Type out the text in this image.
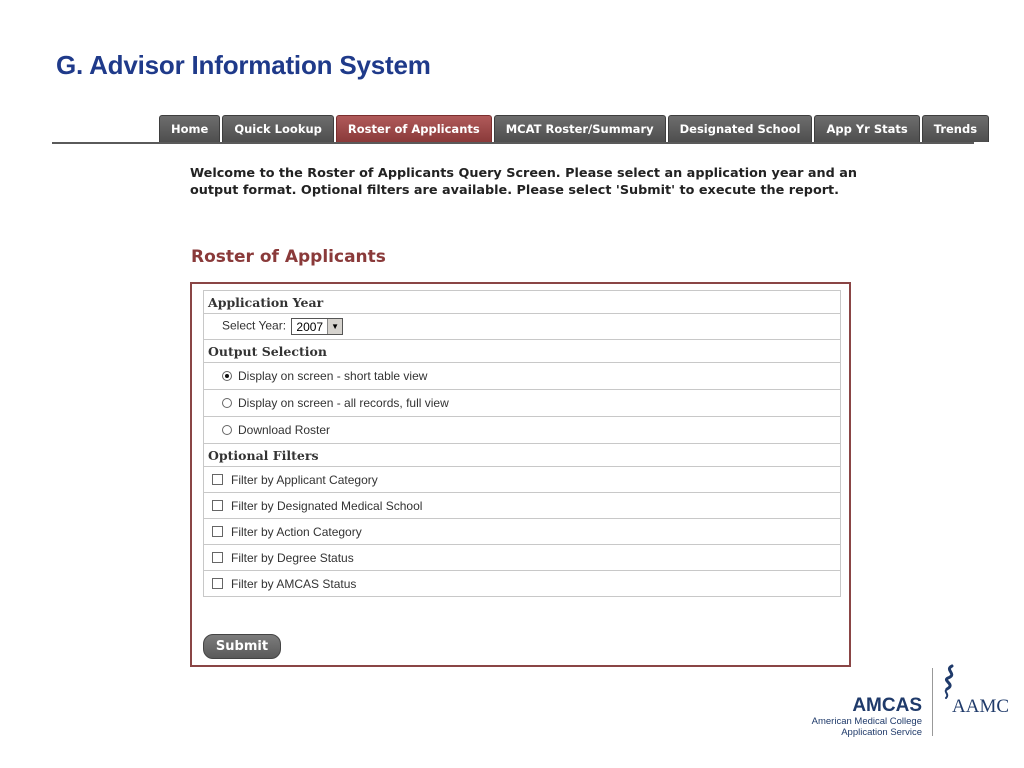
G. Advisor Information System
Home	Quick Lookup	Roster of Applicants	MCAT Roster/Summary	Designated School	App Yr Stats	Trends

Welcome to the Roster of Applicants Query Screen. Please select an application year and an output format. Optional filters are available. Please select 'Submit' to execute the report.

Roster of Applicants
Application Year
Select Year: 2007	▼

Output Selection
Display on screen - short table view
Display on screen - all records, full view
Download Roster
Optional Filters
Filter by Applicant Category
Filter by Designated Medical School
Filter by Action Category
Filter by Degree Status
Filter by AMCAS Status
Submit
AMCAS
American Medical College
Application Service
AAMC
